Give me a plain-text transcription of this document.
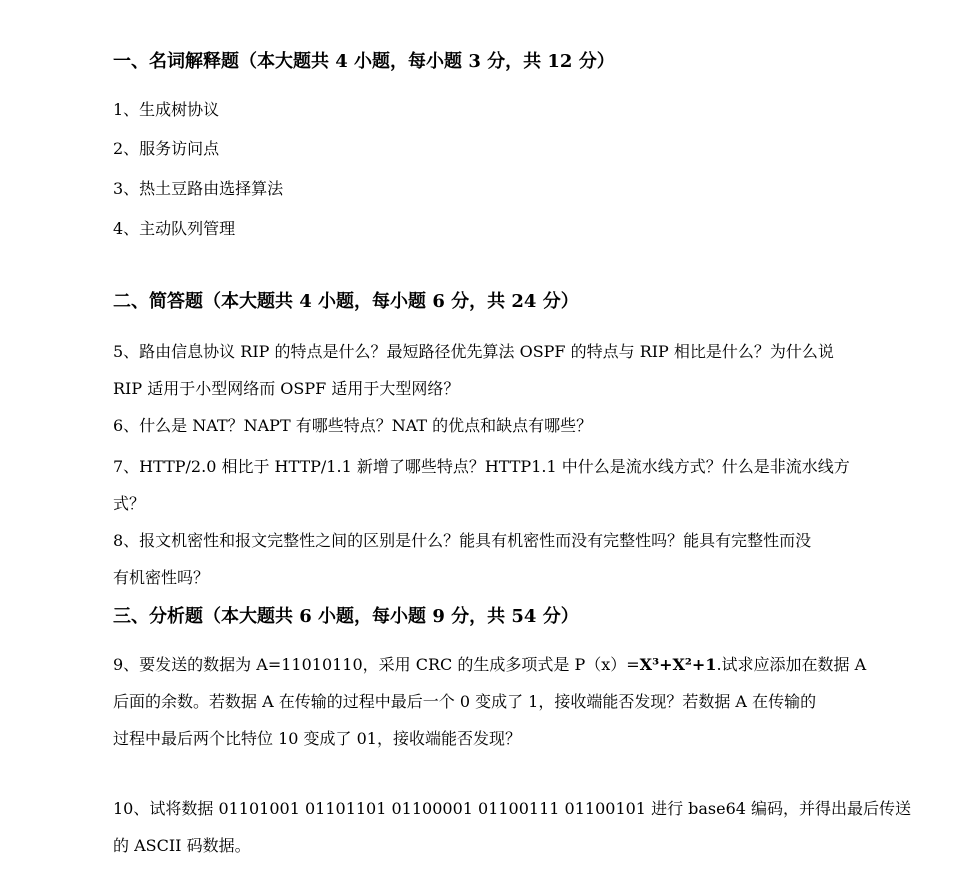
一、名词解释题（本大题共 4 小题，每小题 3 分，共 12 分）

1、生成树协议

2、服务访问点

3、热土豆路由选择算法

4、主动队列管理

二、简答题（本大题共 4 小题，每小题 6 分，共 24 分）
5、路由信息协议 RIP 的特点是什么？最短路径优先算法 OSPF 的特点与 RIP 相比是什么？为什么说
RIP 适用于小型网络而 OSPF 适用于大型网络？
6、什么是 NAT？NAPT 有哪些特点？NAT 的优点和缺点有哪些？
7、HTTP/2.0 相比于 HTTP/1.1 新增了哪些特点？HTTP1.1 中什么是流水线方式？什么是非流水线方
式？
8、报文机密性和报文完整性之间的区别是什么？能具有机密性而没有完整性吗？能具有完整性而没
有机密性吗？
三、分析题（本大题共 6 小题，每小题 9 分，共 54 分）
9、要发送的数据为 A=11010110，采用 CRC 的生成多项式是 P（x）=X³+X²+1.试求应添加在数据 A
后面的余数。若数据 A 在传输的过程中最后一个 0 变成了 1，接收端能否发现？若数据 A 在传输的
过程中最后两个比特位 10 变成了 01，接收端能否发现？
10、试将数据 01101001 01101101 01100001 01100111 01100101 进行 base64 编码，并得出最后传送
的 ASCII 码数据。
